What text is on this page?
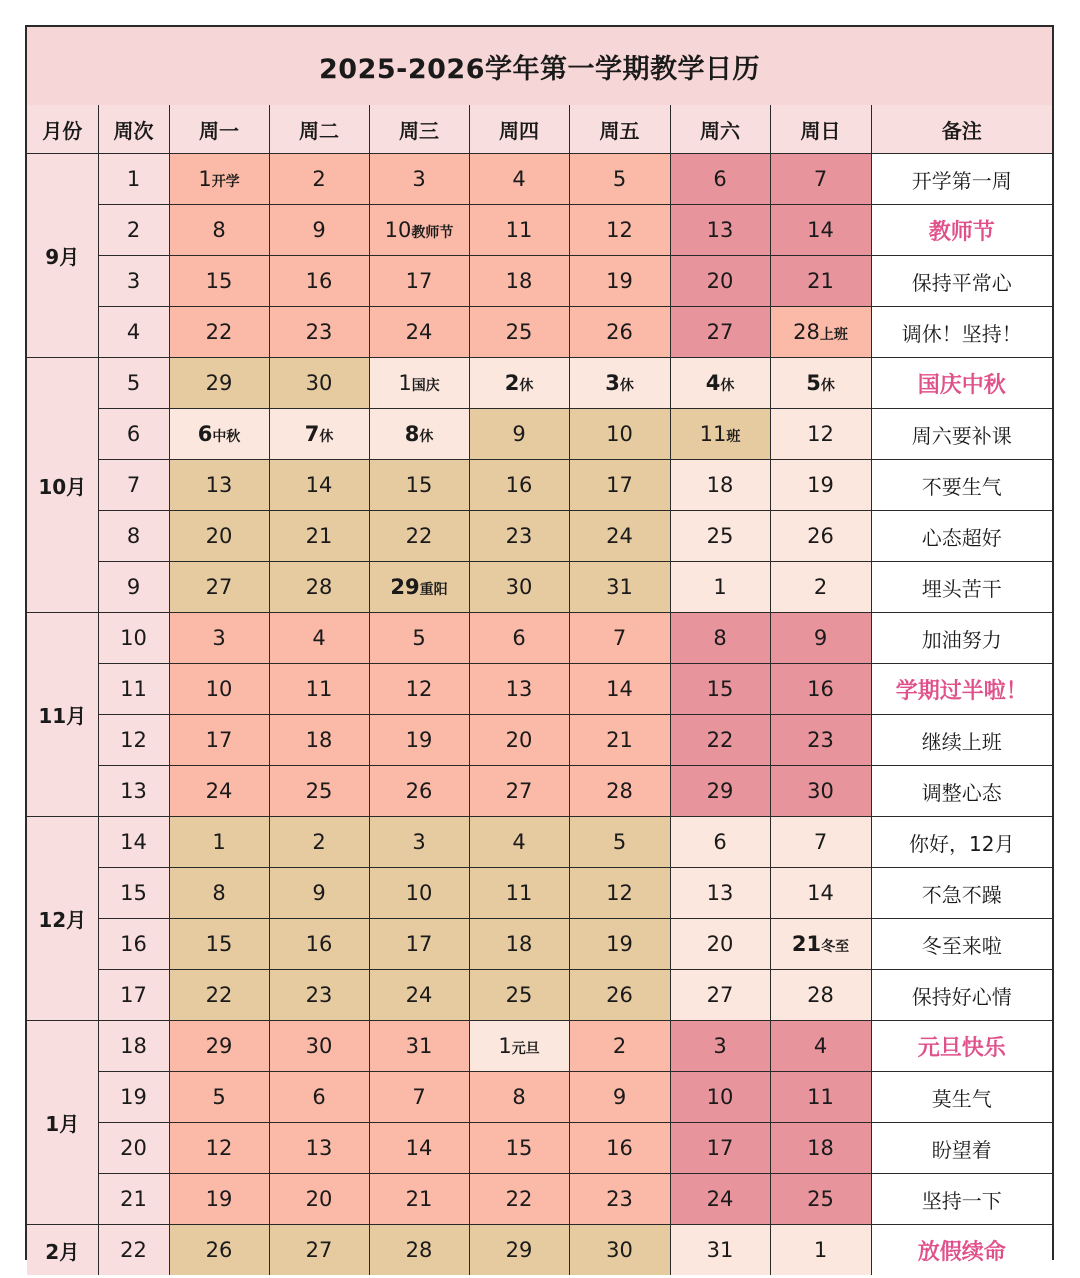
2025-2026学年第一学期教学日历
月份	周次	周一	周二	周三	周四	周五	周六	周日	备注
9月	1	1开学	2	3	4	5	6	7	开学第一周
	2	8	9	10教师节	11	12	13	14	教师节
	3	15	16	17	18	19	20	21	保持平常心
	4	22	23	24	25	26	27	28上班	调休！坚持！
10月	5	29	30	1国庆	2休	3休	4休	5休	国庆中秋
	6	6中秋	7休	8休	9	10	11班	12	周六要补课
	7	13	14	15	16	17	18	19	不要生气
	8	20	21	22	23	24	25	26	心态超好
	9	27	28	29重阳	30	31	1	2	埋头苦干
11月	10	3	4	5	6	7	8	9	加油努力
	11	10	11	12	13	14	15	16	学期过半啦！
	12	17	18	19	20	21	22	23	继续上班
	13	24	25	26	27	28	29	30	调整心态
12月	14	1	2	3	4	5	6	7	你好，12月
	15	8	9	10	11	12	13	14	不急不躁
	16	15	16	17	18	19	20	21冬至	冬至来啦
	17	22	23	24	25	26	27	28	保持好心情
1月	18	29	30	31	1元旦	2	3	4	元旦快乐
	19	5	6	7	8	9	10	11	莫生气
	20	12	13	14	15	16	17	18	盼望着
	21	19	20	21	22	23	24	25	坚持一下
2月	22	26	27	28	29	30	31	1	放假续命
